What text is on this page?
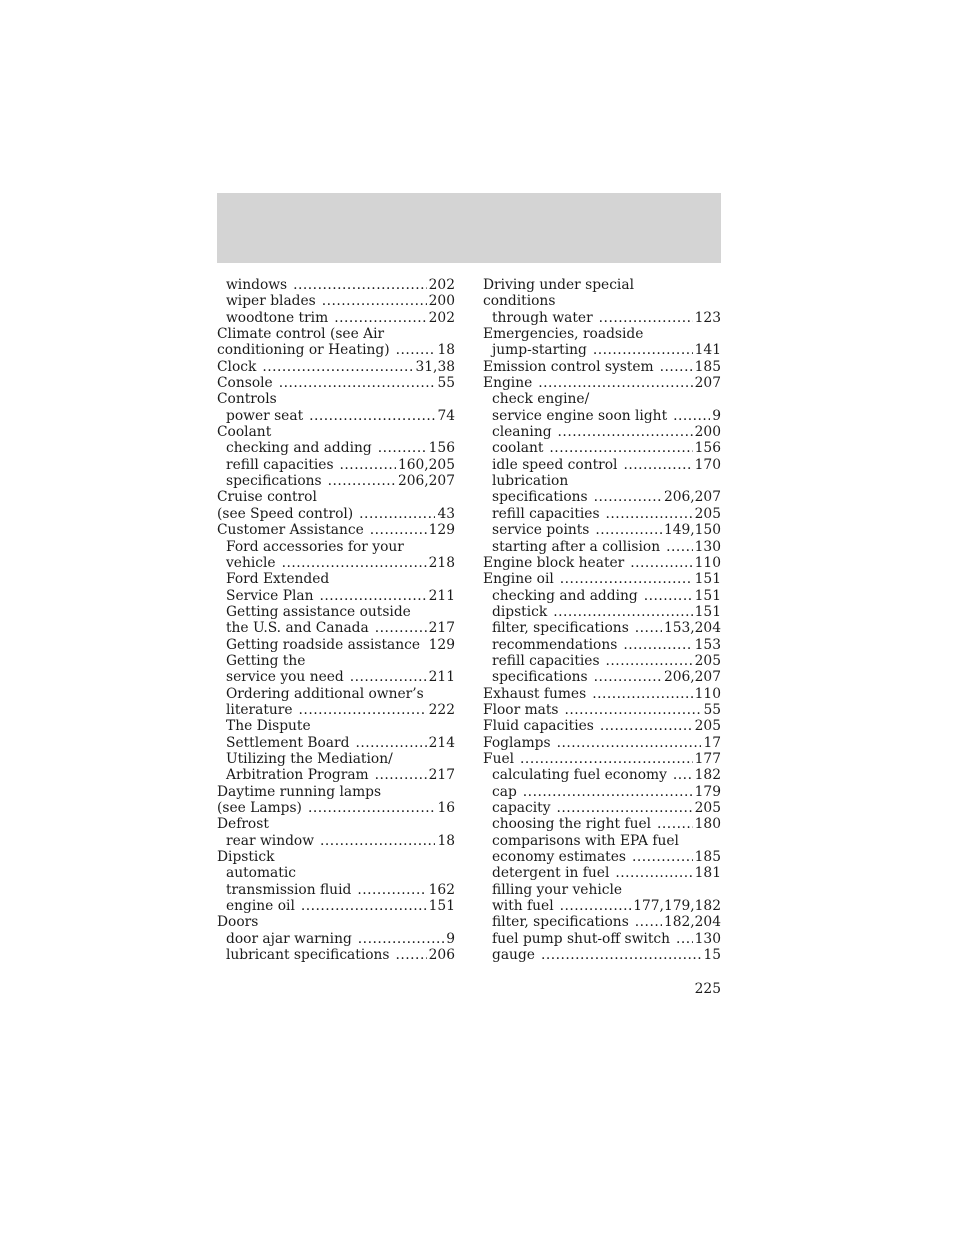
windows .....	202
wiper blades .....	200
woodtone trim .....	202
Climate control (see Air
conditioning or Heating) .....	18
Clock .....	31,38
Console .....	55
Controls
power seat .....	74
Coolant
checking and adding .....	156
refill capacities .....	160,205
specifications .....	206,207
Cruise control
(see Speed control) .....	43
Customer Assistance .....	129
Ford accessories for your
vehicle .....	218
Ford Extended
Service Plan .....	211
Getting assistance outside
the U.S. and Canada .....	217
Getting roadside assistance ..... 129
Getting the
service you need .....	211
Ordering additional owner’s
literature .....	222
The Dispute
Settlement Board .....	214
Utilizing the Mediation/
Arbitration Program .....	217
Daytime running lamps
(see Lamps) .....	16
Defrost
rear window .....	18
Dipstick
automatic
transmission fluid .....	162
engine oil .....	151
Doors
door ajar warning .....	9
lubricant specifications .....	206
Driving under special
conditions
through water .....	123
Emergencies, roadside
jump-starting .....	141
Emission control system .....	185
Engine .....	207
check engine/
service engine soon light .....	9
cleaning .....	200
coolant .....	156
idle speed control .....	170
lubrication
specifications .....	206,207
refill capacities .....	205
service points .....	149,150
starting after a collision .....	130
Engine block heater .....	110
Engine oil .....	151
checking and adding .....	151
dipstick .....	151
filter, specifications .....	153,204
recommendations .....	153
refill capacities .....	205
specifications .....	206,207
Exhaust fumes .....	110
Floor mats .....	55
Fluid capacities .....	205
Foglamps .....	17
Fuel .....	177
calculating fuel economy ..... 182
cap .....	179
capacity .....	205
choosing the right fuel .....	180
comparisons with EPA fuel
economy estimates .....	185
detergent in fuel .....	181
filling your vehicle
with fuel .....	177,179,182
filter, specifications .....	182,204
fuel pump shut-off switch ..... 130
gauge .....	15
225
